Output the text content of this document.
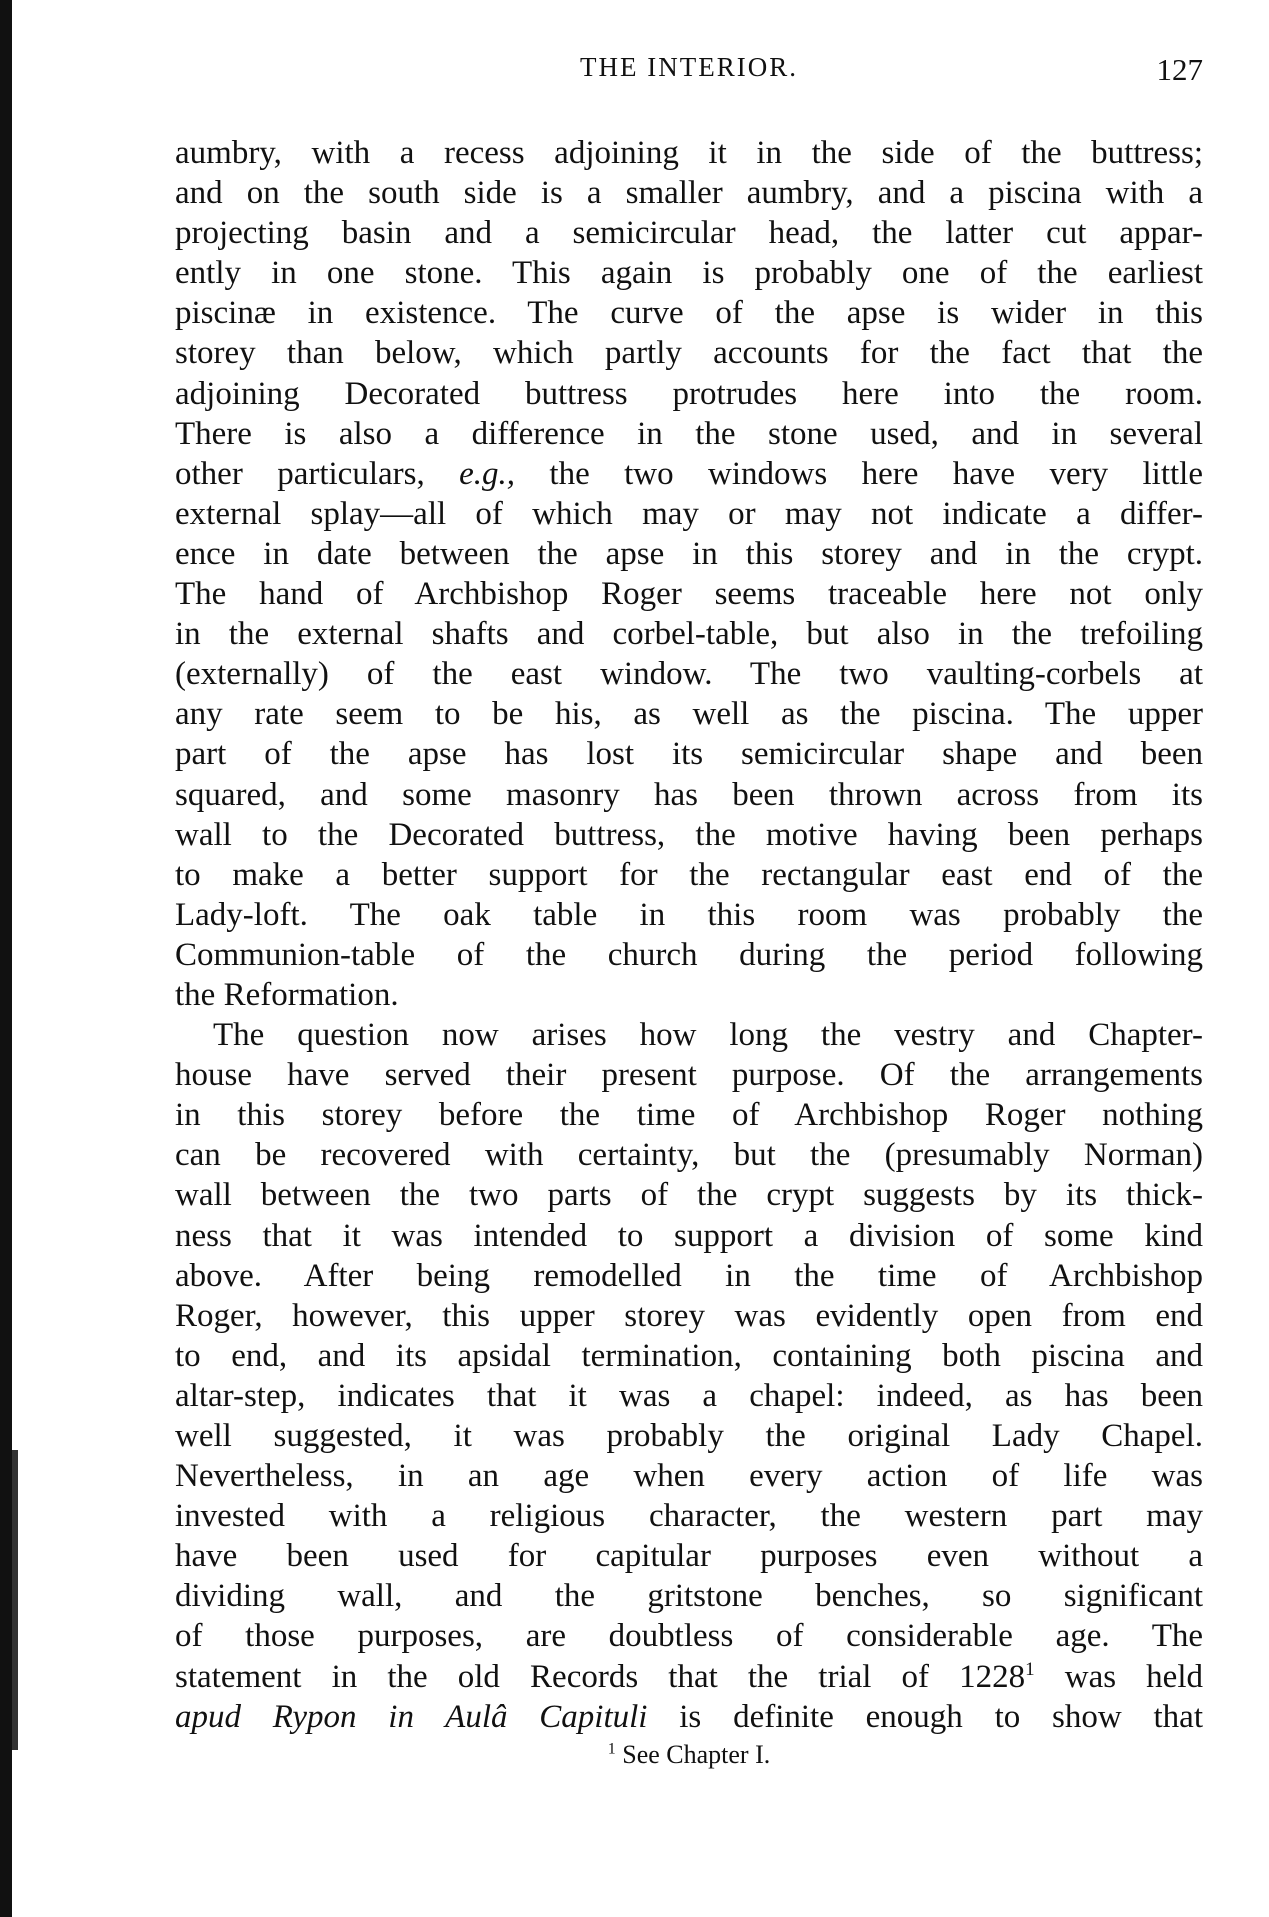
THE INTERIOR.	127
aumbry, with a recess adjoining it in the side of the buttress;
and on the south side is a smaller aumbry, and a piscina with a
projecting basin and a semicircular head, the latter cut appar-
ently in one stone. This again is probably one of the earliest
piscinæ in existence. The curve of the apse is wider in this
storey than below, which partly accounts for the fact that the
adjoining Decorated buttress protrudes here into the room.
There is also a difference in the stone used, and in several
other particulars, e.g., the two windows here have very little
external splay—all of which may or may not indicate a differ-
ence in date between the apse in this storey and in the crypt.
The hand of Archbishop Roger seems traceable here not only
in the external shafts and corbel-table, but also in the trefoiling
(externally) of the east window. The two vaulting-corbels at
any rate seem to be his, as well as the piscina. The upper
part of the apse has lost its semicircular shape and been
squared, and some masonry has been thrown across from its
wall to the Decorated buttress, the motive having been perhaps
to make a better support for the rectangular east end of the
Lady-loft. The oak table in this room was probably the
Communion-table of the church during the period following
the Reformation.
The question now arises how long the vestry and Chapter-
house have served their present purpose. Of the arrangements
in this storey before the time of Archbishop Roger nothing
can be recovered with certainty, but the (presumably Norman)
wall between the two parts of the crypt suggests by its thick-
ness that it was intended to support a division of some kind
above. After being remodelled in the time of Archbishop
Roger, however, this upper storey was evidently open from end
to end, and its apsidal termination, containing both piscina and
altar-step, indicates that it was a chapel: indeed, as has been
well suggested, it was probably the original Lady Chapel.
Nevertheless, in an age when every action of life was
invested with a religious character, the western part may
have been used for capitular purposes even without a
dividing wall, and the gritstone benches, so significant
of those purposes, are doubtless of considerable age. The
statement in the old Records that the trial of 1228$^1$ was held
apud Rypon in Aulâ Capituli is definite enough to show that
$^1$ See Chapter I.
